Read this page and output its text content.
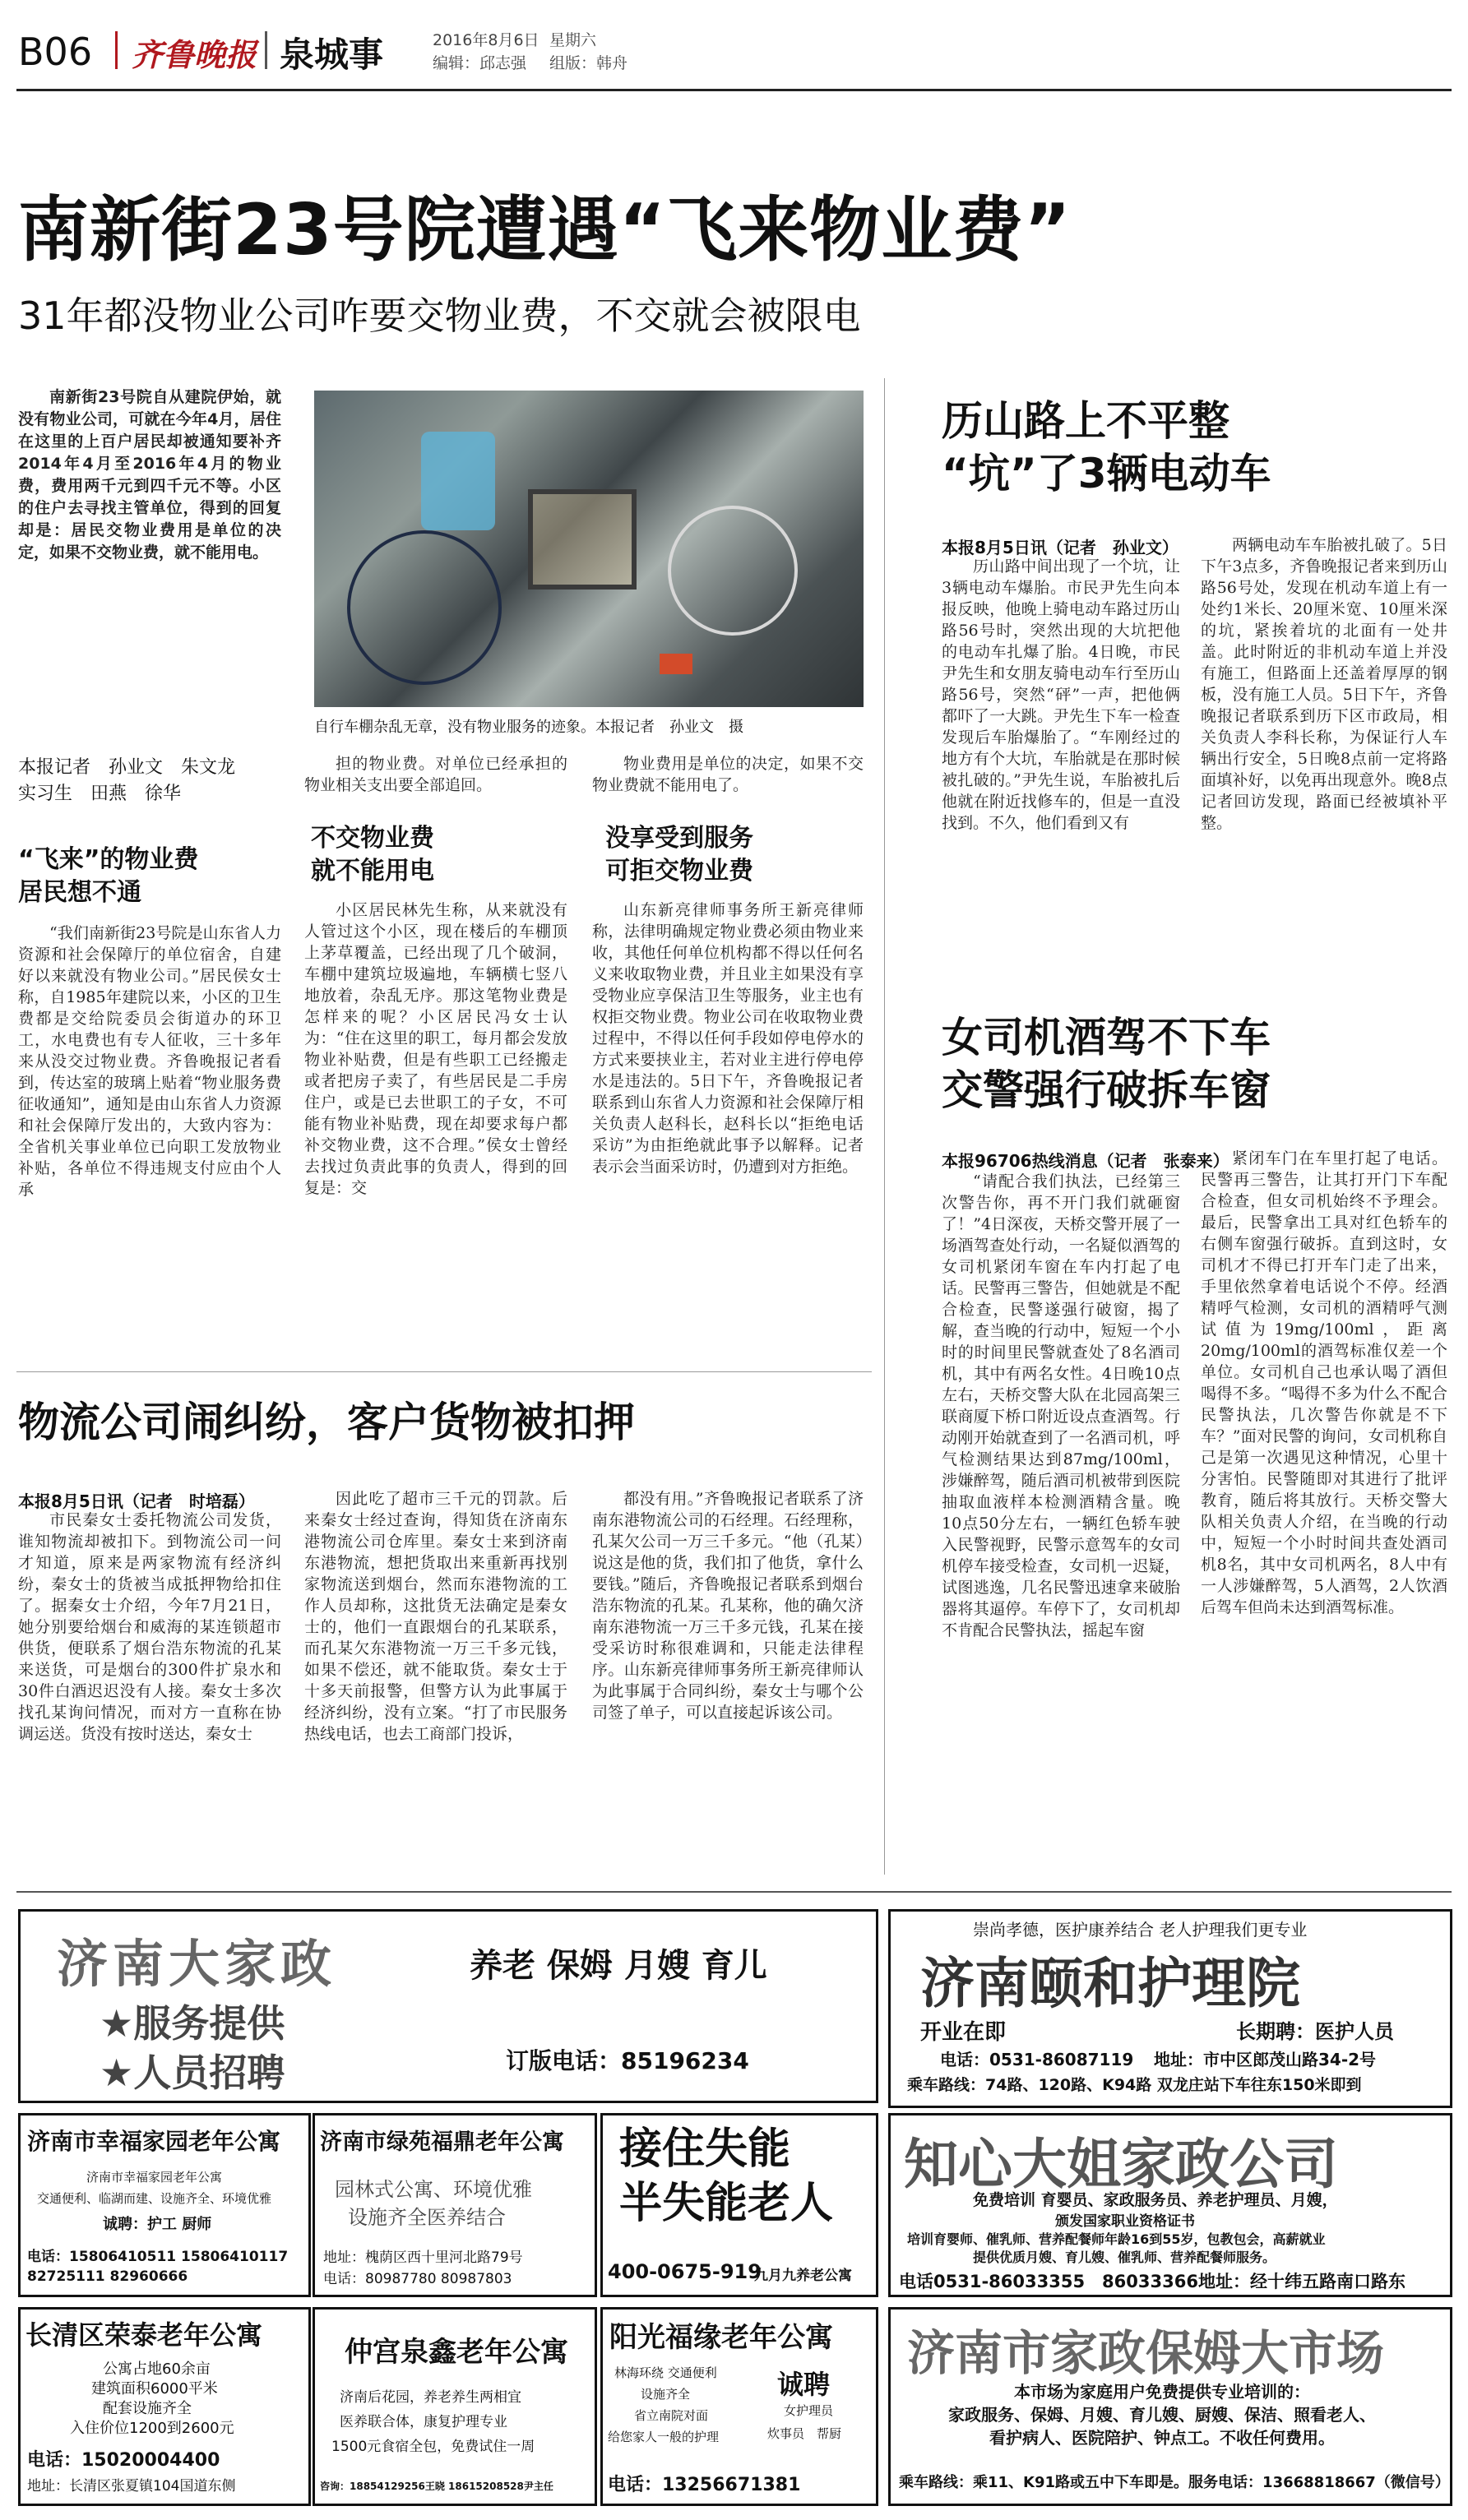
B06 齐鲁晚报 泉城事	2016年8月6日 星期六
编辑：邱志强 组版：韩舟
南新街23号院遭遇“飞来物业费”
31年都没物业公司咋要交物业费，不交就会被限电

南新街23号院自从建院伊始，就没有物业公司，可就在今年4月，居住在这里的上百户居民却被通知要补齐2014年4月至2016年4月的物业费，费用两千元到四千元不等。小区的住户去寻找主管单位，得到的回复却是：居民交物业费用是单位的决定，如果不交物业费，就不能用电。

自行车棚杂乱无章，没有物业服务的迹象。本报记者　孙业文　摄
本报记者　孙业文　朱文龙
实习生　田燕　徐华
“飞来”的物业费
居民想不通

“我们南新街23号院是山东省人力资源和社会保障厅的单位宿舍，自建好以来就没有物业公司。”居民侯女士称，自1985年建院以来，小区的卫生费都是交给院委员会街道办的环卫工，水电费也有专人征收，三十多年来从没交过物业费。齐鲁晚报记者看到，传达室的玻璃上贴着“物业服务费征收通知”，通知是由山东省人力资源和社会保障厅发出的，大致内容为：全省机关事业单位已向职工发放物业补贴，各单位不得违规支付应由个人承

担的物业费。对单位已经承担的物业相关支出要全部追回。

不交物业费
就不能用电

小区居民林先生称，从来就没有人管过这个小区，现在楼后的车棚顶上茅草覆盖，已经出现了几个破洞，车棚中建筑垃圾遍地，车辆横七竖八地放着，杂乱无序。那这笔物业费是怎样来的呢？小区居民冯女士认为：“住在这里的职工，每月都会发放物业补贴费，但是有些职工已经搬走或者把房子卖了，有些居民是二手房住户，或是已去世职工的子女，不可能有物业补贴费，现在却要求每户都补交物业费，这不合理。”侯女士曾经去找过负责此事的负责人，得到的回复是：交

物业费用是单位的决定，如果不交物业费就不能用电了。

没享受到服务
可拒交物业费

山东新亮律师事务所王新亮律师称，法律明确规定物业费必须由物业来收，其他任何单位机构都不得以任何名义来收取物业费，并且业主如果没有享受物业应享保洁卫生等服务，业主也有权拒交物业费。物业公司在收取物业费过程中，不得以任何手段如停电停水的方式来要挟业主，若对业主进行停电停水是违法的。5日下午，齐鲁晚报记者联系到山东省人力资源和社会保障厅相关负责人赵科长，赵科长以“拒绝电话采访”为由拒绝就此事予以解释。记者表示会当面采访时，仍遭到对方拒绝。

历山路上不平整
“坑”了3辆电动车
本报8月5日讯（记者　孙业文）

历山路中间出现了一个坑，让3辆电动车爆胎。市民尹先生向本报反映，他晚上骑电动车路过历山路56号时，突然出现的大坑把他的电动车扎爆了胎。4日晚，市民尹先生和女朋友骑电动车行至历山路56号，突然“砰”一声，把他俩都吓了一大跳。尹先生下车一检查发现后车胎爆胎了。“车刚经过的地方有个大坑，车胎就是在那时候被扎破的。”尹先生说，车胎被扎后他就在附近找修车的，但是一直没找到。不久，他们看到又有

两辆电动车车胎被扎破了。5日下午3点多，齐鲁晚报记者来到历山路56号处，发现在机动车道上有一处约1米长、20厘米宽、10厘米深的坑，紧挨着坑的北面有一处井盖。此时附近的非机动车道上并没有施工，但路面上还盖着厚厚的钢板，没有施工人员。5日下午，齐鲁晚报记者联系到历下区市政局，相关负责人李科长称，为保证行人车辆出行安全，5日晚8点前一定将路面填补好，以免再出现意外。晚8点记者回访发现，路面已经被填补平整。

女司机酒驾不下车
交警强行破拆车窗
本报96706热线消息（记者　张泰来）

“请配合我们执法，已经第三次警告你，再不开门我们就砸窗了！”4日深夜，天桥交警开展了一场酒驾查处行动，一名疑似酒驾的女司机紧闭车窗在车内打起了电话。民警再三警告，但她就是不配合检查，民警遂强行破窗，揭了解，查当晚的行动中，短短一个小时的时间里民警就查处了8名酒司机，其中有两名女性。4日晚10点左右，天桥交警大队在北园高架三联商厦下桥口附近设点查酒驾。行动刚开始就查到了一名酒司机，呼气检测结果达到87mg/100ml，涉嫌醉驾，随后酒司机被带到医院抽取血液样本检测酒精含量。晚10点50分左右，一辆红色轿车驶入民警视野，民警示意驾车的女司机停车接受检查，女司机一迟疑，试图逃逸，几名民警迅速拿来破胎器将其逼停。车停下了，女司机却不肯配合民警执法，摇起车窗

紧闭车门在车里打起了电话。民警再三警告，让其打开门下车配合检查，但女司机始终不予理会。最后，民警拿出工具对红色轿车的右侧车窗强行破拆。直到这时，女司机才不得已打开车门走了出来，手里依然拿着电话说个不停。经酒精呼气检测，女司机的酒精呼气测试值为19mg/100ml，距离20mg/100ml的酒驾标准仅差一个单位。女司机自己也承认喝了酒但喝得不多。“喝得不多为什么不配合民警执法，几次警告你就是不下车？”面对民警的询问，女司机称自己是第一次遇见这种情况，心里十分害怕。民警随即对其进行了批评教育，随后将其放行。天桥交警大队相关负责人介绍，在当晚的行动中，短短一个小时时间共查处酒司机8名，其中女司机两名，8人中有一人涉嫌醉驾，5人酒驾，2人饮酒后驾车但尚未达到酒驾标准。

物流公司闹纠纷，客户货物被扣押
本报8月5日讯（记者　时培磊）

市民秦女士委托物流公司发货，谁知物流却被扣下。到物流公司一问才知道，原来是两家物流有经济纠纷，秦女士的货被当成抵押物给扣住了。据秦女士介绍，今年7月21日，她分别要给烟台和威海的某连锁超市供货，便联系了烟台浩东物流的孔某来送货，可是烟台的300件扩泉水和30件白酒迟迟没有人接。秦女士多次找孔某询问情况，而对方一直称在协调运送。货没有按时送达，秦女士

因此吃了超市三千元的罚款。后来秦女士经过查询，得知货在济南东港物流公司仓库里。秦女士来到济南东港物流，想把货取出来重新再找别家物流送到烟台，然而东港物流的工作人员却称，这批货无法确定是秦女士的，他们一直跟烟台的孔某联系，而孔某欠东港物流一万三千多元钱，如果不偿还，就不能取货。秦女士于十多天前报警，但警方认为此事属于经济纠纷，没有立案。“打了市民服务热线电话，也去工商部门投诉，

都没有用。”齐鲁晚报记者联系了济南东港物流公司的石经理。石经理称，孔某欠公司一万三千多元。“他（孔某）说这是他的货，我们扣了他货，拿什么要钱。”随后，齐鲁晚报记者联系到烟台浩东物流的孔某。孔某称，他的确欠济南东港物流一万三千多元钱，孔某在接受采访时称很难调和，只能走法律程序。山东新亮律师事务所王新亮律师认为此事属于合同纠纷，秦女士与哪个公司签了单子，可以直接起诉该公司。

济南大家政	养老 保姆 月嫂 育儿
★服务提供
★人员招聘	订版电话：85196234
崇尚孝德，医护康养结合 老人护理我们更专业
济南颐和护理院
开业在即	长期聘：医护人员
电话：0531-86087119 地址：市中区郎茂山路34-2号
乘车路线：74路、120路、K94路 双龙庄站下车往东150米即到
济南市幸福家园老年公寓
济南市幸福家园老年公寓
交通便利、临湖而建、设施齐全、环境优雅
诚聘：护工 厨师
电话：15806410511 15806410117 82725111 82960666
济南市绿苑福鼎老年公寓
园林式公寓、环境优雅
设施齐全医养结合
地址：槐荫区西十里河北路79号
电话：80987780 80987803
接住失能
半失能老人
400-0675-919
九月九养老公寓
知心大姐家政公司
免费培训 育婴员、家政服务员、养老护理员、月嫂，
颁发国家职业资格证书
培训育婴师、催乳师、营养配餐师年龄16到55岁，包教包会，高薪就业
提供优质月嫂、育儿嫂、催乳师、营养配餐师服务。
电话0531-86033355　86033366地址：经十纬五路南口路东
长清区荣泰老年公寓
公寓占地60余亩
建筑面积6000平米
配套设施齐全
入住价位1200到2600元
电话：15020004400
地址：长清区张夏镇104国道东侧
仲宫泉鑫老年公寓
济南后花园，养老养生两相宜
医养联合体，康复护理专业
1500元食宿全包，免费试住一周
咨询：18854129256王晓 18615208528尹主任
阳光福缘老年公寓
林海环绕 交通便利
设施齐全
省立南院对面
给您家人一般的护理
诚聘
女护理员
炊事员　帮厨
电话：13256671381
济南市家政保姆大市场
本市场为家庭用户免费提供专业培训的：
家政服务、保姆、月嫂、育儿嫂、厨嫂、保洁、照看老人、
看护病人、医院陪护、钟点工。不收任何费用。
乘车路线：乘11、K91路或五中下车即是。服务电话：13668818667（微信号）
